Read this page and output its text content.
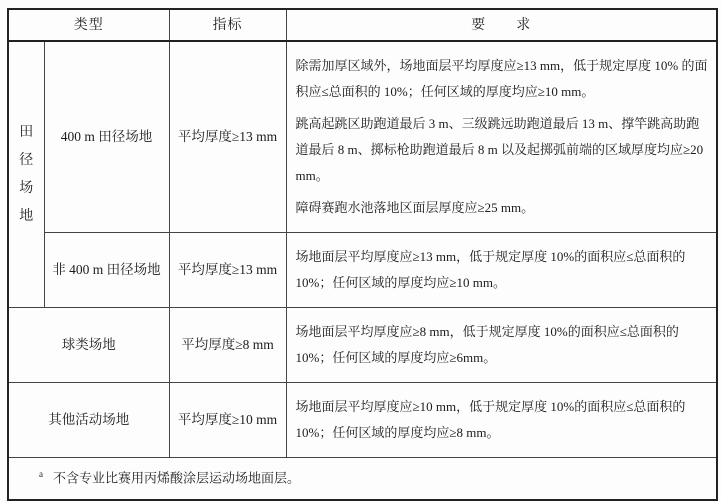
类型		指标	要　　求

田径场地	400 m 田径场地	平均厚度≥13 mm	除需加厚区域外，场地面层平均厚度应≥13 mm，低于规定厚度 10% 的面积应≤总面积的 10%；任何区域的厚度均应≥10 mm。

跳高起跳区助跑道最后 3 m、三级跳远助跑道最后 13 m、撑竿跳高助跑道最后 8 m、掷标枪助跑道最后 8 m 以及起掷弧前端的区域厚度均应≥20 mm。

障碍赛跑水池落地区面层厚度应≥25 mm。

	非 400 m 田径场地	平均厚度≥13 mm	场地面层平均厚度应≥13 mm，低于规定厚度 10%的面积应≤总面积的 10%；任何区域的厚度均应≥10 mm。

球类场地		平均厚度≥8 mm	场地面层平均厚度应≥8 mm，低于规定厚度 10%的面积应≤总面积的 10%；任何区域的厚度均应≥6mm。

其他活动场地		平均厚度≥10 mm	场地面层平均厚度应≥10 mm，低于规定厚度 10%的面积应≤总面积的 10%；任何区域的厚度均应≥8 mm。

$^a$ 不含专业比赛用丙烯酸涂层运动场地面层。			
